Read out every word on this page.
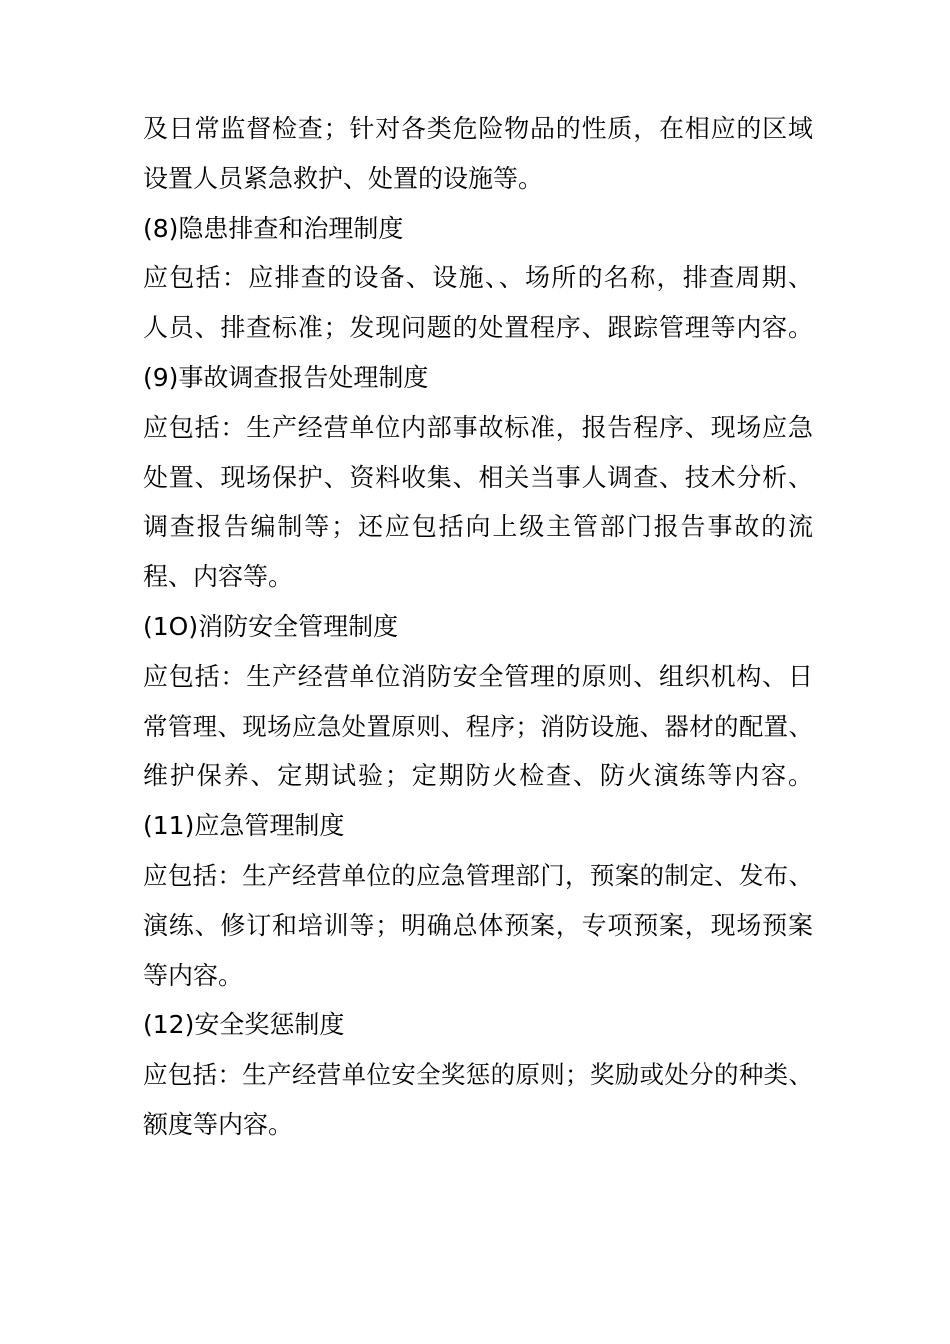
及日常监督检查；针对各类危险物品的性质，在相应的区域
设置人员紧急救护、处置的设施等。
(8)隐患排查和治理制度
应包括：应排查的设备、设施、、场所的名称，排查周期、
人员、排查标准；发现问题的处置程序、跟踪管理等内容。
(9)事故调查报告处理制度
应包括：生产经营单位内部事故标准，报告程序、现场应急
处置、现场保护、资料收集、相关当事人调查、技术分析、
调查报告编制等；还应包括向上级主管部门报告事故的流
程、内容等。
(1O)消防安全管理制度
应包括：生产经营单位消防安全管理的原则、组织机构、日
常管理、现场应急处置原则、程序；消防设施、器材的配置、
维护保养、定期试验；定期防火检查、防火演练等内容。
(11)应急管理制度
应包括：生产经营单位的应急管理部门，预案的制定、发布、
演练、修订和培训等；明确总体预案，专项预案，现场预案
等内容。
(12)安全奖惩制度
应包括：生产经营单位安全奖惩的原则；奖励或处分的种类、
额度等内容。
